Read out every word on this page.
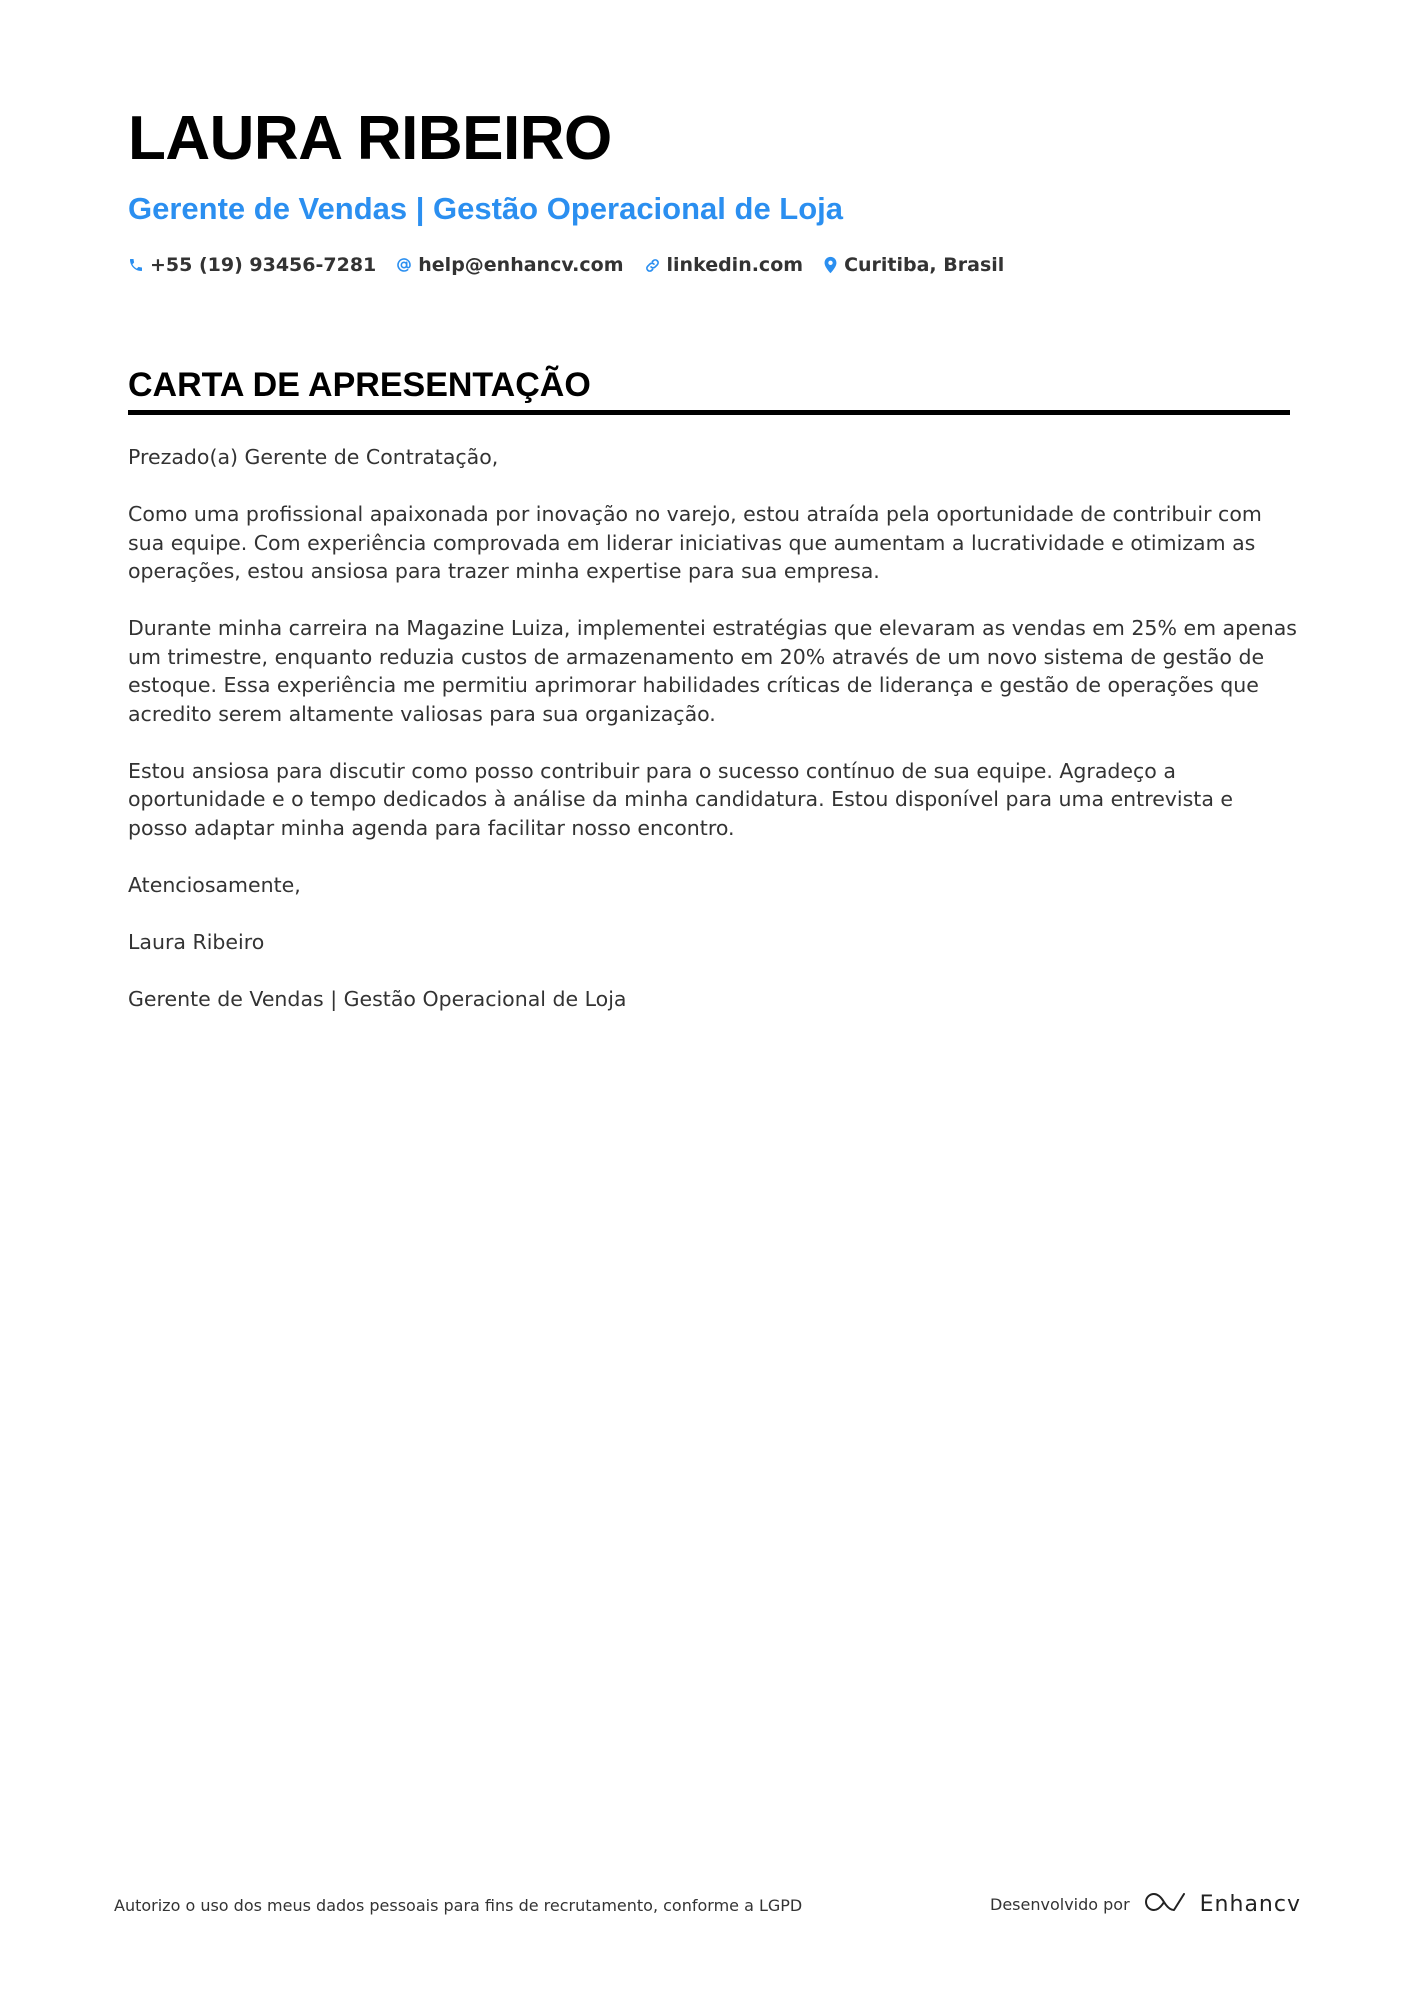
LAURA RIBEIRO
Gerente de Vendas | Gestão Operacional de Loja
+55 (19) 93456-7281 help@enhancv.com linkedin.com Curitiba, Brasil
CARTA DE APRESENTAÇÃO

Prezado(a) Gerente de Contratação,

Como uma profissional apaixonada por inovação no varejo, estou atraída pela oportunidade de contribuir com sua equipe. Com experiência comprovada em liderar iniciativas que aumentam a lucratividade e otimizam as operações, estou ansiosa para trazer minha expertise para sua empresa.

Durante minha carreira na Magazine Luiza, implementei estratégias que elevaram as vendas em 25% em apenas um trimestre, enquanto reduzia custos de armazenamento em 20% através de um novo sistema de gestão de estoque. Essa experiência me permitiu aprimorar habilidades críticas de liderança e gestão de operações que acredito serem altamente valiosas para sua organização.

Estou ansiosa para discutir como posso contribuir para o sucesso contínuo de sua equipe. Agradeço a oportunidade e o tempo dedicados à análise da minha candidatura. Estou disponível para uma entrevista e posso adaptar minha agenda para facilitar nosso encontro.

Atenciosamente,

Laura Ribeiro

Gerente de Vendas | Gestão Operacional de Loja

Autorizo o uso dos meus dados pessoais para fins de recrutamento, conforme a LGPD	Desenvolvido por	Enhancv
